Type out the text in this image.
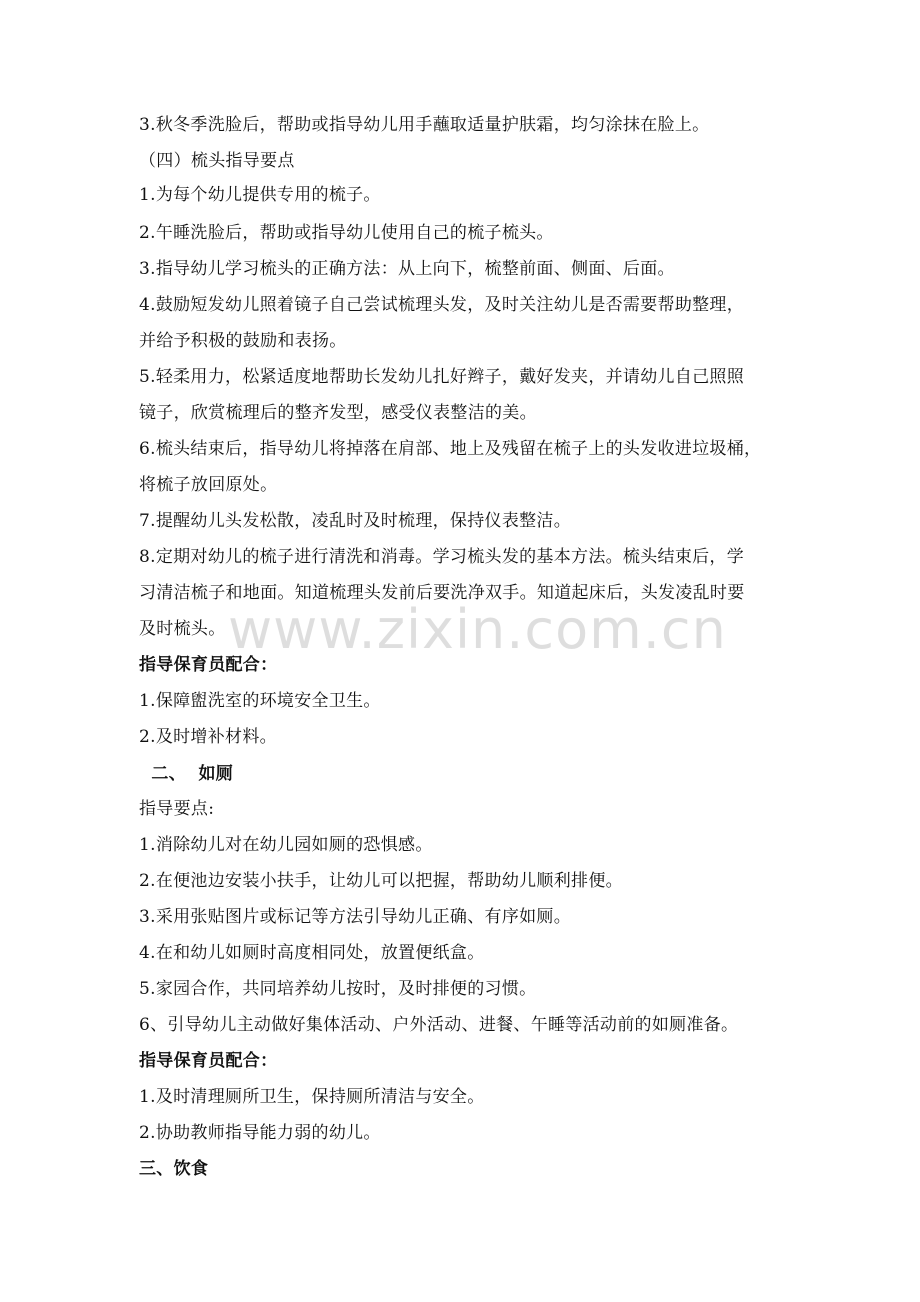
3.秋冬季洗脸后，帮助或指导幼儿用手蘸取适量护肤霜，均匀涂抹在脸上。
（四）梳头指导要点
1.为每个幼儿提供专用的梳子。
2.午睡洗脸后，帮助或指导幼儿使用自己的梳子梳头。
3.指导幼儿学习梳头的正确方法：从上向下，梳整前面、侧面、后面。
4.鼓励短发幼儿照着镜子自己尝试梳理头发，及时关注幼儿是否需要帮助整理，
并给予积极的鼓励和表扬。
5.轻柔用力，松紧适度地帮助长发幼儿扎好辫子，戴好发夹，并请幼儿自己照照
镜子，欣赏梳理后的整齐发型，感受仪表整洁的美。
6.梳头结束后，指导幼儿将掉落在肩部、地上及残留在梳子上的头发收进垃圾桶，
将梳子放回原处。
7.提醒幼儿头发松散，凌乱时及时梳理，保持仪表整洁。
8.定期对幼儿的梳子进行清洗和消毒。学习梳头发的基本方法。梳头结束后，学
习清洁梳子和地面。知道梳理头发前后要洗净双手。知道起床后，头发凌乱时要
及时梳头。 www.zixin.com.cn
指导保育员配合：
1.保障盥洗室的环境安全卫生。
2.及时增补材料。
二、  如厕
指导要点:
1.消除幼儿对在幼儿园如厕的恐惧感。
2.在便池边安装小扶手，让幼儿可以把握，帮助幼儿顺利排便。
3.采用张贴图片或标记等方法引导幼儿正确、有序如厕。
4.在和幼儿如厕时高度相同处，放置便纸盒。
5.家园合作，共同培养幼儿按时，及时排便的习惯。
6、引导幼儿主动做好集体活动、户外活动、进餐、午睡等活动前的如厕准备。
指导保育员配合：
1.及时清理厕所卫生，保持厕所清洁与安全。
2.协助教师指导能力弱的幼儿。
三、饮食
